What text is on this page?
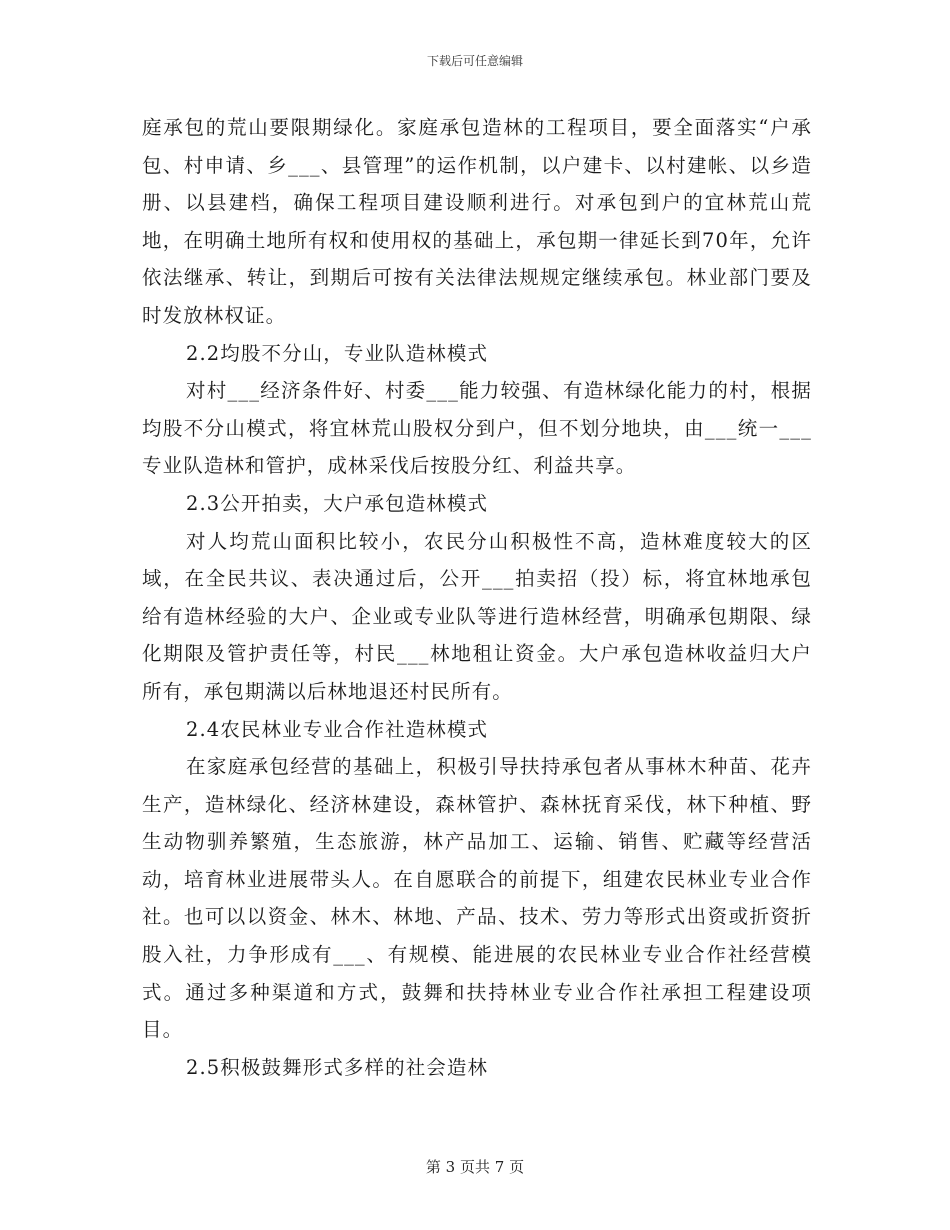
下载后可任意编辑

庭承包的荒山要限期绿化。家庭承包造林的工程项目，要全面落实“户承包、村申请、乡___、县管理”的运作机制，以户建卡、以村建帐、以乡造册、以县建档，确保工程项目建设顺利进行。对承包到户的宜林荒山荒地，在明确土地所有权和使用权的基础上，承包期一律延长到70年，允许依法继承、转让，到期后可按有关法律法规规定继续承包。林业部门要及时发放林权证。

2.2均股不分山，专业队造林模式

对村___经济条件好、村委___能力较强、有造林绿化能力的村，根据均股不分山模式，将宜林荒山股权分到户，但不划分地块，由___统一___专业队造林和管护，成林采伐后按股分红、利益共享。

2.3公开拍卖，大户承包造林模式

对人均荒山面积比较小，农民分山积极性不高，造林难度较大的区域，在全民共议、表决通过后，公开___拍卖招（投）标，将宜林地承包给有造林经验的大户、企业或专业队等进行造林经营，明确承包期限、绿化期限及管护责任等，村民___林地租让资金。大户承包造林收益归大户所有，承包期满以后林地退还村民所有。

2.4农民林业专业合作社造林模式

在家庭承包经营的基础上，积极引导扶持承包者从事林木种苗、花卉生产，造林绿化、经济林建设，森林管护、森林抚育采伐，林下种植、野生动物驯养繁殖，生态旅游，林产品加工、运输、销售、贮藏等经营活动，培育林业进展带头人。在自愿联合的前提下，组建农民林业专业合作社。也可以以资金、林木、林地、产品、技术、劳力等形式出资或折资折股入社，力争形成有___、有规模、能进展的农民林业专业合作社经营模式。通过多种渠道和方式，鼓舞和扶持林业专业合作社承担工程建设项目。

2.5积极鼓舞形式多样的社会造林

第 3 页共 7 页
